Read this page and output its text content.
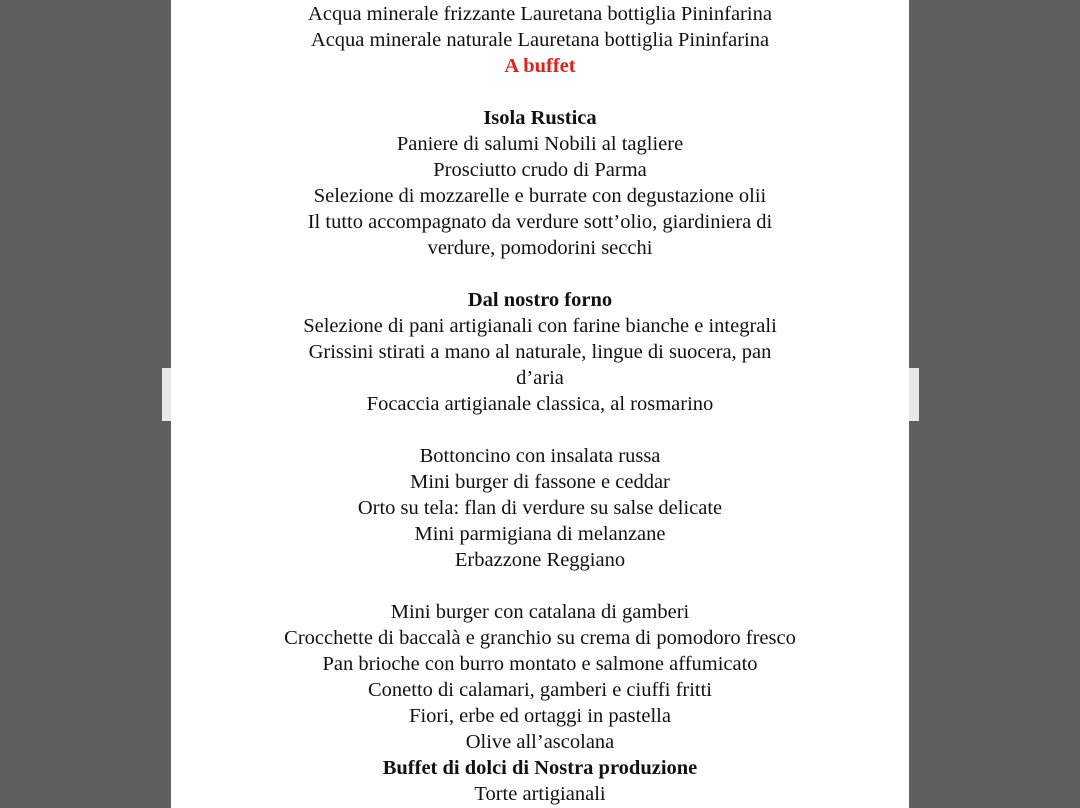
Acqua minerale frizzante Lauretana bottiglia Pininfarina
Acqua minerale naturale Lauretana bottiglia Pininfarina
A buffet
Isola Rustica
Paniere di salumi Nobili al tagliere
Prosciutto crudo di Parma
Selezione di mozzarelle e burrate con degustazione olii
Il tutto accompagnato da verdure sott’olio, giardiniera di
verdure, pomodorini secchi
Dal nostro forno
Selezione di pani artigianali con farine bianche e integrali
Grissini stirati a mano al naturale, lingue di suocera, pan
d’aria
Focaccia artigianale classica, al rosmarino
Bottoncino con insalata russa
Mini burger di fassone e ceddar
Orto su tela: flan di verdure su salse delicate
Mini parmigiana di melanzane
Erbazzone Reggiano
Mini burger con catalana di gamberi
Crocchette di baccalà e granchio su crema di pomodoro fresco
Pan brioche con burro montato e salmone affumicato
Conetto di calamari, gamberi e ciuffi fritti
Fiori, erbe ed ortaggi in pastella
Olive all’ascolana
Buffet di dolci di Nostra produzione
Torte artigianali
